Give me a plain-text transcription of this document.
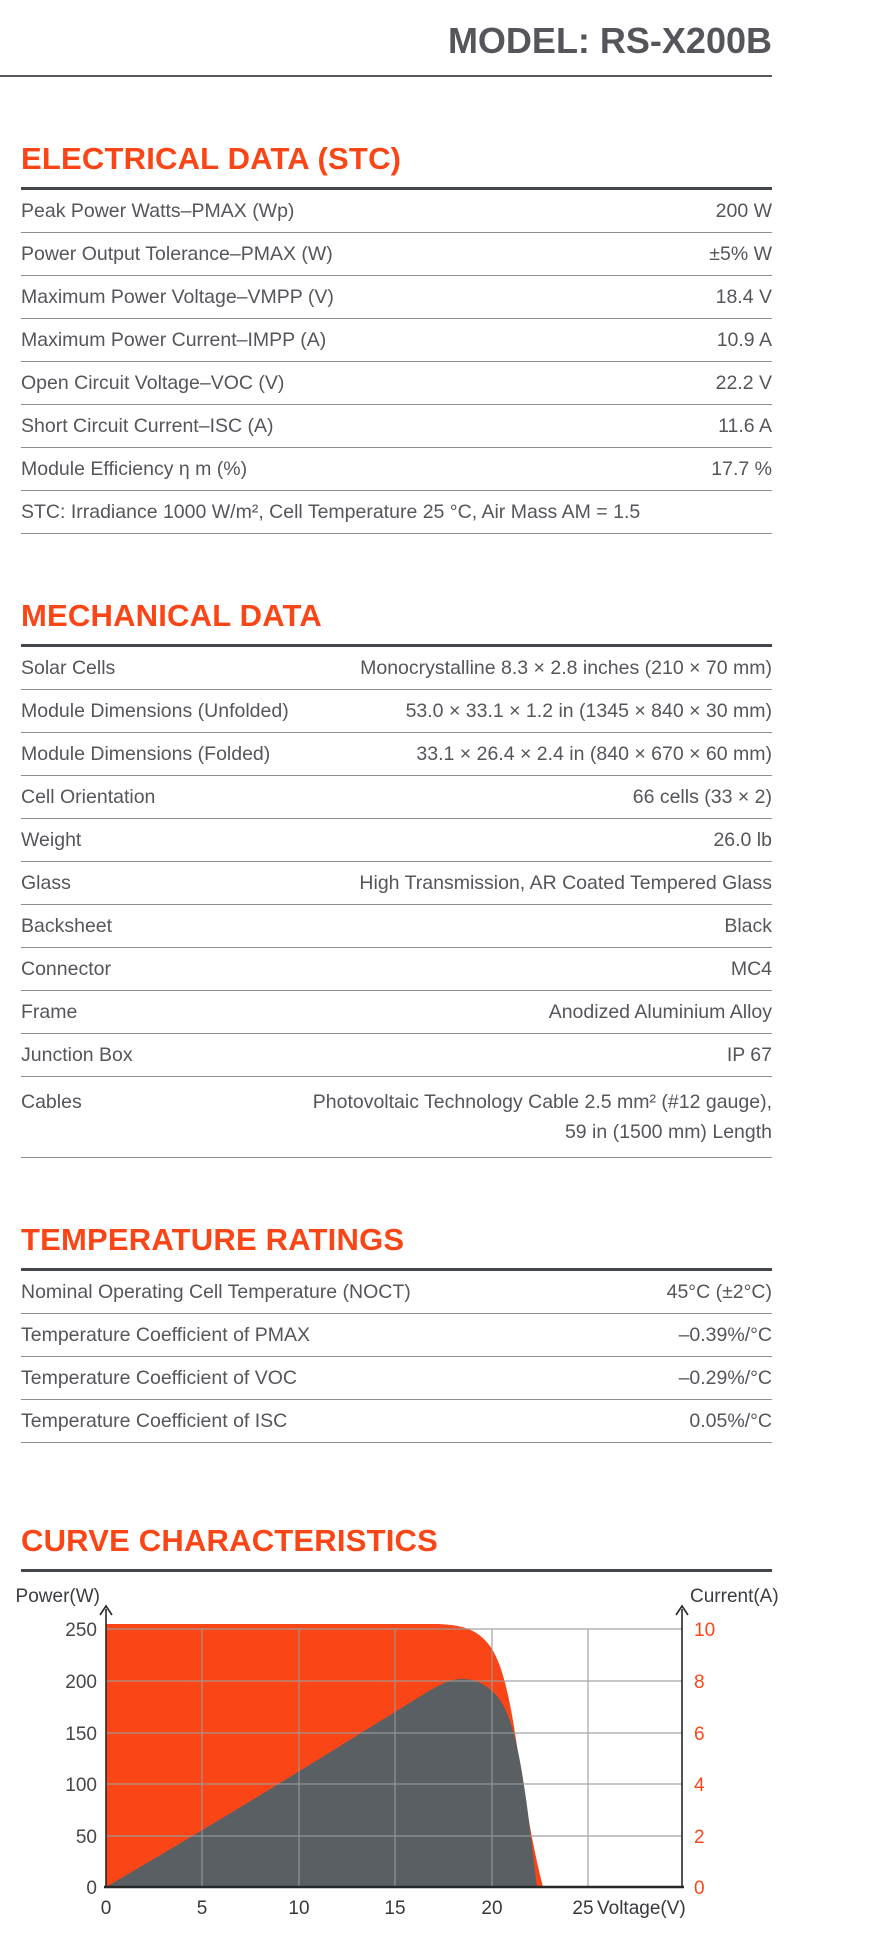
MODEL: RS-X200B
ELECTRICAL DATA (STC)
Peak Power Watts–PMAX (Wp)	200 W
Power Output Tolerance–PMAX (W)	±5% W
Maximum Power Voltage–VMPP (V)	18.4 V
Maximum Power Current–IMPP (A)	10.9 A
Open Circuit Voltage–VOC (V)	22.2 V
Short Circuit Current–ISC (A)	11.6 A
Module Efficiency η m (%)	17.7 %
STC: Irradiance 1000 W/m², Cell Temperature 25 °C, Air Mass AM = 1.5
MECHANICAL DATA
Solar Cells	Monocrystalline 8.3 × 2.8 inches (210 × 70 mm)
Module Dimensions (Unfolded)	53.0 × 33.1 × 1.2 in (1345 × 840 × 30 mm)
Module Dimensions (Folded)	33.1 × 26.4 × 2.4 in (840 × 670 × 60 mm)
Cell Orientation	66 cells (33 × 2)
Weight	26.0 lb
Glass	High Transmission, AR Coated Tempered Glass
Backsheet	Black
Connector	MC4
Frame	Anodized Aluminium Alloy
Junction Box	IP 67
Cables	Photovoltaic Technology Cable 2.5 mm² (#12 gauge),
59 in (1500 mm) Length
TEMPERATURE RATINGS
Nominal Operating Cell Temperature (NOCT)	45°C (±2°C)
Temperature Coefficient of PMAX	–0.39%/°C
Temperature Coefficient of VOC	–0.29%/°C
Temperature Coefficient of ISC	0.05%/°C
CURVE CHARACTERISTICS
Power(W)	Current(A)
250
200
150
100
50
0
10
8
6
4
2
0
0	5	10	15	20	25 Voltage(V)
